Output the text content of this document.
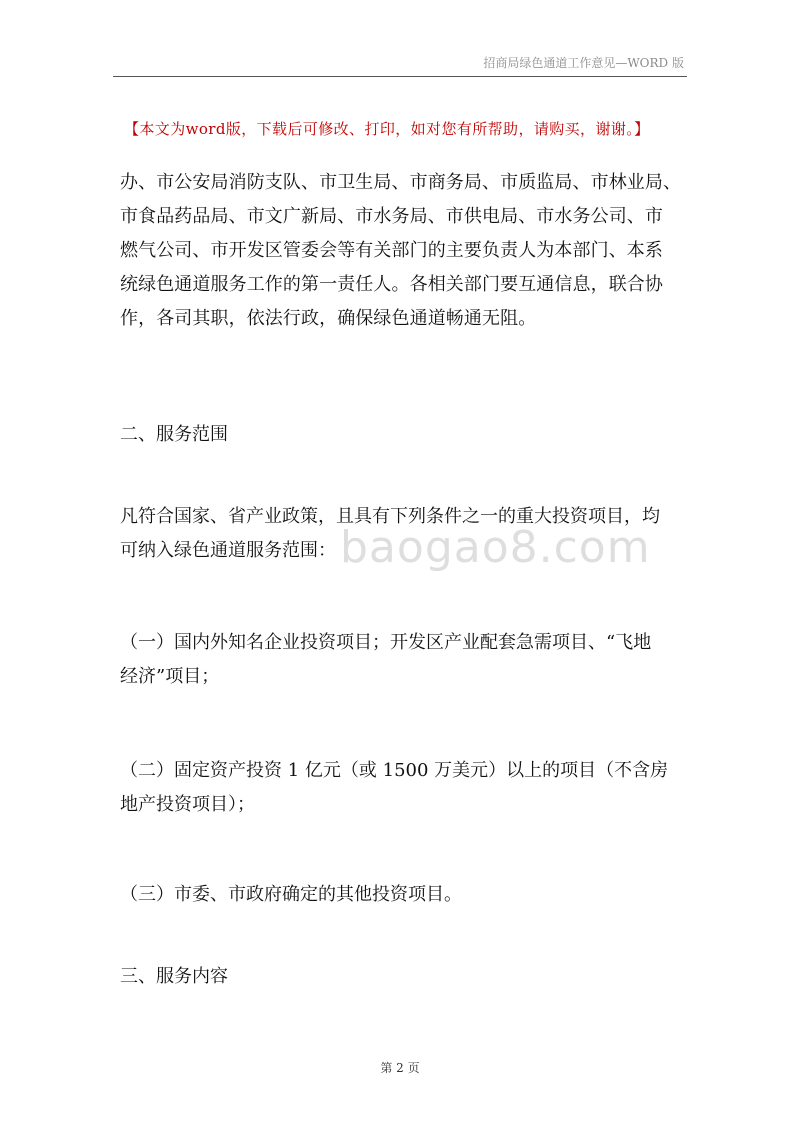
招商局绿色通道工作意见—WORD 版
【本文为word版，下载后可修改、打印，如对您有所帮助，请购买，谢谢。】
办、市公安局消防支队、市卫生局、市商务局、市质监局、市林业局、
市食品药品局、市文广新局、市水务局、市供电局、市水务公司、市
燃气公司、市开发区管委会等有关部门的主要负责人为本部门、本系
统绿色通道服务工作的第一责任人。各相关部门要互通信息，联合协
作，各司其职，依法行政，确保绿色通道畅通无阻。
二、服务范围
凡符合国家、省产业政策，且具有下列条件之一的重大投资项目，均
可纳入绿色通道服务范围： baogao8.com
（一）国内外知名企业投资项目；开发区产业配套急需项目、“飞地
经济”项目；
（二）固定资产投资 1 亿元（或 1500 万美元）以上的项目（不含房
地产投资项目）；
（三）市委、市政府确定的其他投资项目。
三、服务内容
第 2 页
